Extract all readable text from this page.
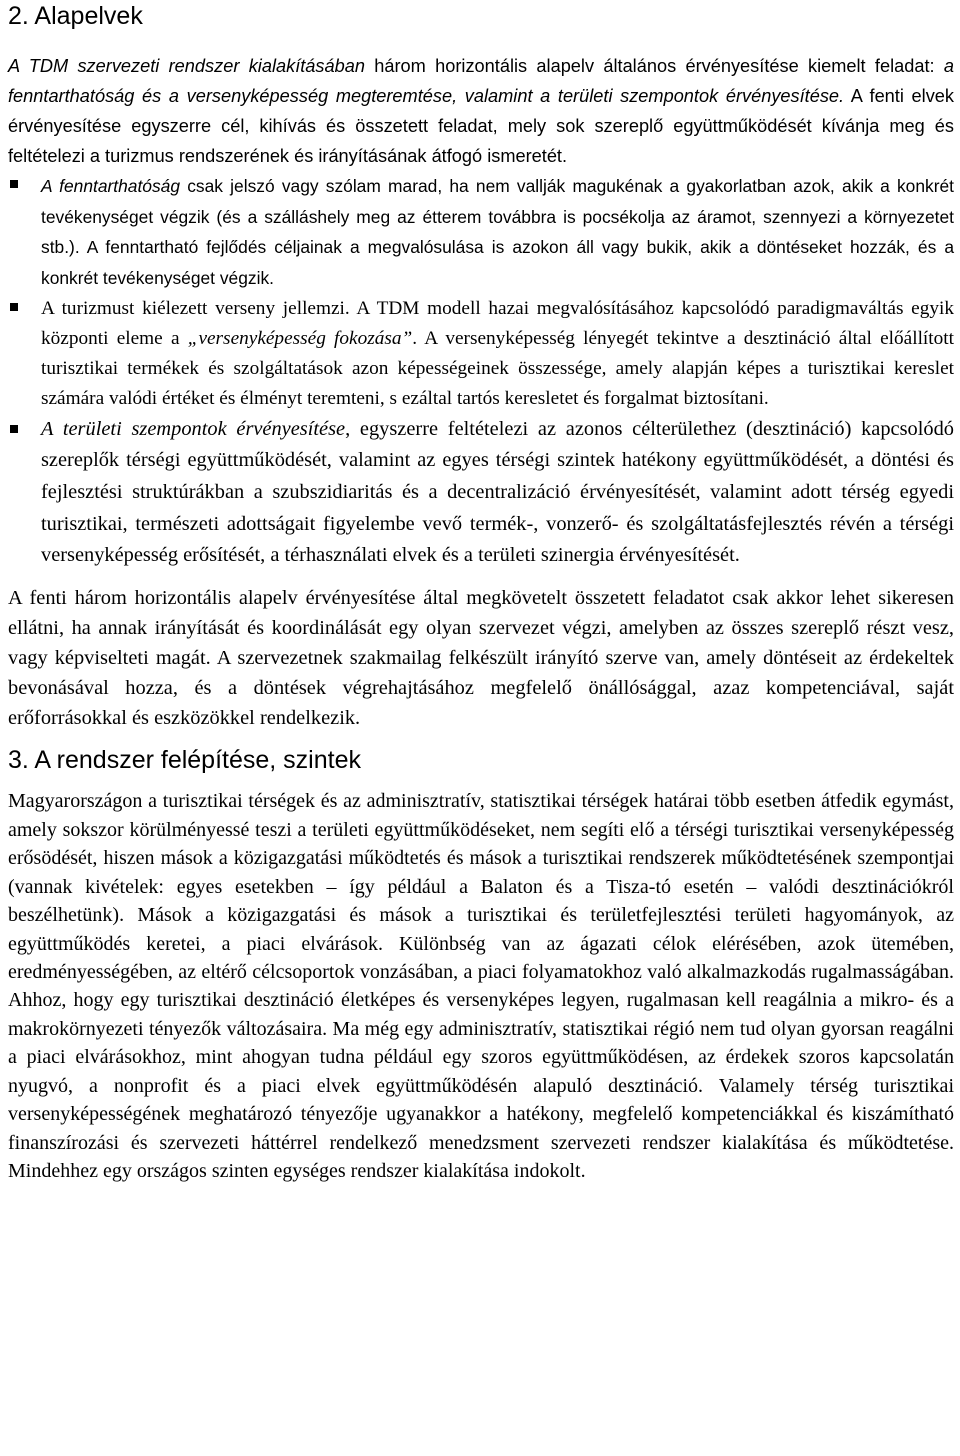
2. Alapelvek

A TDM szervezeti rendszer kialakításában három horizontális alapelv általános érvényesítése kiemelt feladat: a fenntarthatóság és a versenyképesség megteremtése, valamint a területi szempontok érvényesítése. A fenti elvek érvényesítése egyszerre cél, kihívás és összetett feladat, mely sok szereplő együttműködését kívánja meg és feltételezi a turizmus rendszerének és irányításának átfogó ismeretét.

A fenntarthatóság csak jelszó vagy szólam marad, ha nem vallják magukénak a gyakorlatban azok, akik a konkrét tevékenységet végzik (és a szálláshely meg az étterem továbbra is pocsékolja az áramot, szennyezi a környezetet stb.). A fenntartható fejlődés céljainak a megvalósulása is azokon áll vagy bukik, akik a döntéseket hozzák, és a konkrét tevékenységet végzik.
A turizmust kiélezett verseny jellemzi. A TDM modell hazai megvalósításához kapcsolódó paradigmaváltás egyik központi eleme a „versenyképesség fokozása”. A versenyképesség lényegét tekintve a desztináció által előállított turisztikai termékek és szolgáltatások azon képességeinek összessége, amely alapján képes a turisztikai kereslet számára valódi értéket és élményt teremteni, s ezáltal tartós keresletet és forgalmat biztosítani.
A területi szempontok érvényesítése, egyszerre feltételezi az azonos célterülethez (desztináció) kapcsolódó szereplők térségi együttműködését, valamint az egyes térségi szintek hatékony együttműködését, a döntési és fejlesztési struktúrákban a szubszidiaritás és a decentralizáció érvényesítését, valamint adott térség egyedi turisztikai, természeti adottságait figyelembe vevő termék-, vonzerő- és szolgáltatásfejlesztés révén a térségi versenyképesség erősítését, a térhasználati elvek és a területi szinergia érvényesítését.

A fenti három horizontális alapelv érvényesítése által megkövetelt összetett feladatot csak akkor lehet sikeresen ellátni, ha annak irányítását és koordinálását egy olyan szervezet végzi, amelyben az összes szereplő részt vesz, vagy képviselteti magát. A szervezetnek szakmailag felkészült irányító szerve van, amely döntéseit az érdekeltek bevonásával hozza, és a döntések végrehajtásához megfelelő önállósággal, azaz kompetenciával, saját erőforrásokkal és eszközökkel rendelkezik.

3. A rendszer felépítése, szintek

Magyarországon a turisztikai térségek és az adminisztratív, statisztikai térségek határai több esetben átfedik egymást, amely sokszor körülményessé teszi a területi együttműködéseket, nem segíti elő a térségi turisztikai versenyképesség erősödését, hiszen mások a közigazgatási működtetés és mások a turisztikai rendszerek működtetésének szempontjai (vannak kivételek: egyes esetekben – így például a Balaton és a Tisza-tó esetén – valódi desztinációkról beszélhetünk). Mások a közigazgatási és mások a turisztikai és területfejlesztési területi hagyományok, az együttműködés keretei, a piaci elvárások. Különbség van az ágazati célok elérésében, azok ütemében, eredményességében, az eltérő célcsoportok vonzásában, a piaci folyamatokhoz való alkalmazkodás rugalmasságában. Ahhoz, hogy egy turisztikai desztináció életképes és versenyképes legyen, rugalmasan kell reagálnia a mikro- és a makrokörnyezeti tényezők változásaira. Ma még egy adminisztratív, statisztikai régió nem tud olyan gyorsan reagálni a piaci elvárásokhoz, mint ahogyan tudna például egy szoros együttműködésen, az érdekek szoros kapcsolatán nyugvó, a nonprofit és a piaci elvek együttműködésén alapuló desztináció. Valamely térség turisztikai versenyképességének meghatározó tényezője ugyanakkor a hatékony, megfelelő kompetenciákkal és kiszámítható finanszírozási és szervezeti háttérrel rendelkező menedzsment szervezeti rendszer kialakítása és működtetése. Mindehhez egy országos szinten egységes rendszer kialakítása indokolt.
